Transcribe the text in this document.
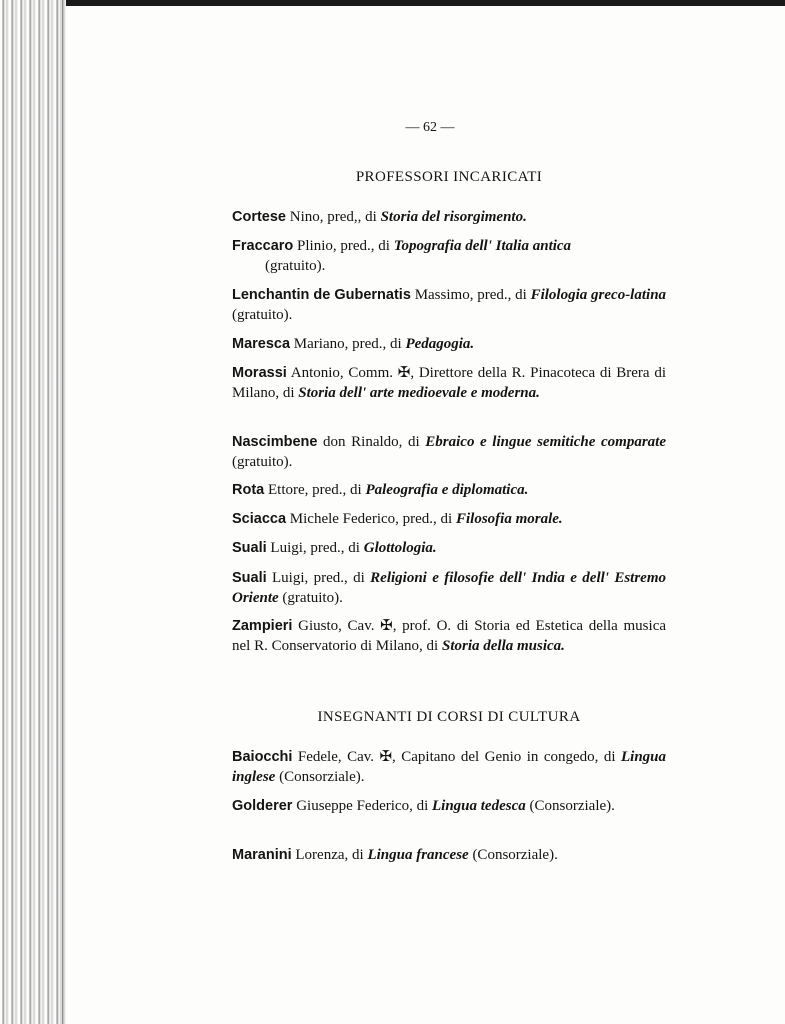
— 62 —
PROFESSORI INCARICATI
Cortese Nino, pred,, di Storia del risorgimento.
Fraccaro Plinio, pred., di Topografia dell' Italia antica
(gratuito).
Lenchantin de Gubernatis Massimo, pred., di Filologia greco-latina (gratuito).
Maresca Mariano, pred., di Pedagogia.
Morassi Antonio, Comm. ✠, Direttore della R. Pinacoteca di Brera di Milano, di Storia dell' arte medioevale e moderna.
Nascimbene don Rinaldo, di Ebraico e lingue semitiche comparate (gratuito).
Rota Ettore, pred., di Paleografia e diplomatica.
Sciacca Michele Federico, pred., di Filosofia morale.
Suali Luigi, pred., di Glottologia.
Suali Luigi, pred., di Religioni e filosofie dell' India e dell' Estremo Oriente (gratuito).
Zampieri Giusto, Cav. ✠, prof. O. di Storia ed Estetica della musica nel R. Conservatorio di Milano, di Storia della musica.
INSEGNANTI DI CORSI DI CULTURA
Baiocchi Fedele, Cav. ✠, Capitano del Genio in congedo, di Lingua inglese (Consorziale).
Golderer Giuseppe Federico, di Lingua tedesca (Consorziale).
Maranini Lorenza, di Lingua francese (Consorziale).
